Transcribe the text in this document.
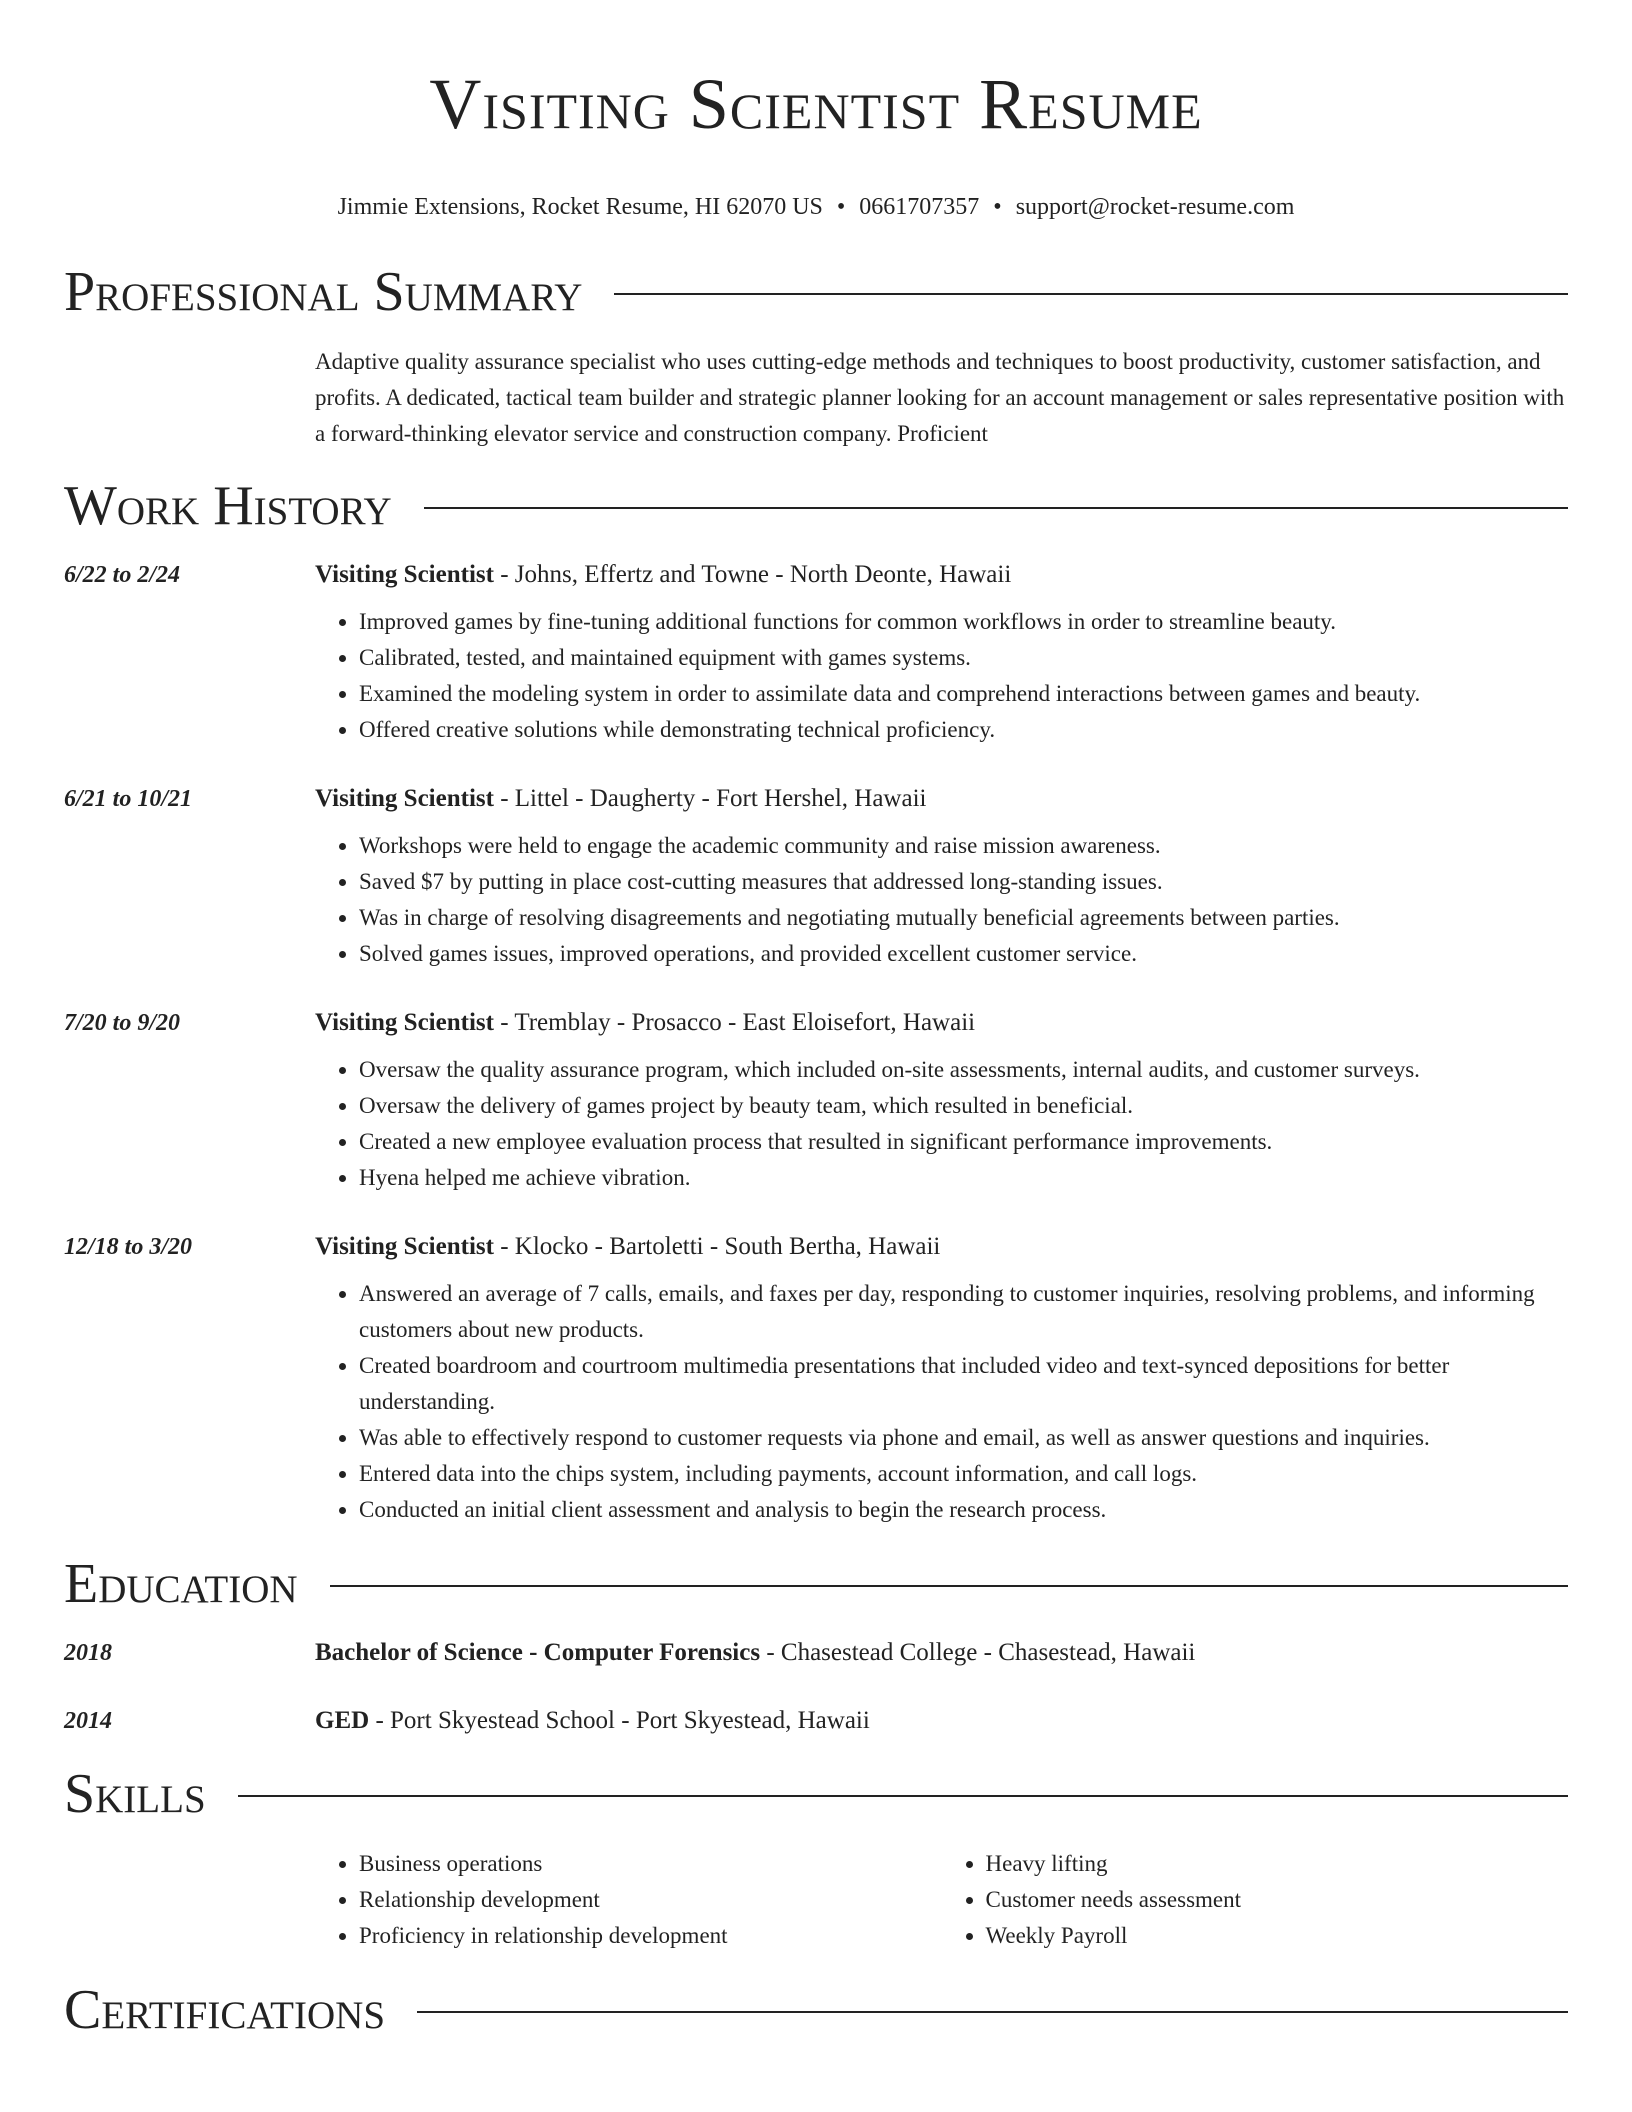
Visiting Scientist Resume
Jimmie Extensions, Rocket Resume, HI 62070 US • 0661707357 • support@rocket-resume.com
Professional Summary
Adaptive quality assurance specialist who uses cutting-edge methods and techniques to boost productivity, customer satisfaction, and profits. A dedicated, tactical team builder and strategic planner looking for an account management or sales representative position with a forward-thinking elevator service and construction company. Proficient
Work History
6/22 to 2/24	Visiting Scientist - Johns, Effertz and Towne - North Deonte, Hawaii
• Improved games by fine-tuning additional functions for common workflows in order to streamline beauty.
• Calibrated, tested, and maintained equipment with games systems.
• Examined the modeling system in order to assimilate data and comprehend interactions between games and beauty.
• Offered creative solutions while demonstrating technical proficiency.
6/21 to 10/21	Visiting Scientist - Littel - Daugherty - Fort Hershel, Hawaii
• Workshops were held to engage the academic community and raise mission awareness.
• Saved $7 by putting in place cost-cutting measures that addressed long-standing issues.
• Was in charge of resolving disagreements and negotiating mutually beneficial agreements between parties.
• Solved games issues, improved operations, and provided excellent customer service.
7/20 to 9/20	Visiting Scientist - Tremblay - Prosacco - East Eloisefort, Hawaii
• Oversaw the quality assurance program, which included on-site assessments, internal audits, and customer surveys.
• Oversaw the delivery of games project by beauty team, which resulted in beneficial.
• Created a new employee evaluation process that resulted in significant performance improvements.
• Hyena helped me achieve vibration.
12/18 to 3/20	Visiting Scientist - Klocko - Bartoletti - South Bertha, Hawaii
• Answered an average of 7 calls, emails, and faxes per day, responding to customer inquiries, resolving problems, and informing customers about new products.
• Created boardroom and courtroom multimedia presentations that included video and text-synced depositions for better understanding.
• Was able to effectively respond to customer requests via phone and email, as well as answer questions and inquiries.
• Entered data into the chips system, including payments, account information, and call logs.
• Conducted an initial client assessment and analysis to begin the research process.
Education
2018	Bachelor of Science - Computer Forensics - Chasestead College - Chasestead, Hawaii
2014	GED - Port Skyestead School - Port Skyestead, Hawaii
Skills
• Business operations
• Relationship development
• Proficiency in relationship development
• Heavy lifting
• Customer needs assessment
• Weekly Payroll
Certifications
